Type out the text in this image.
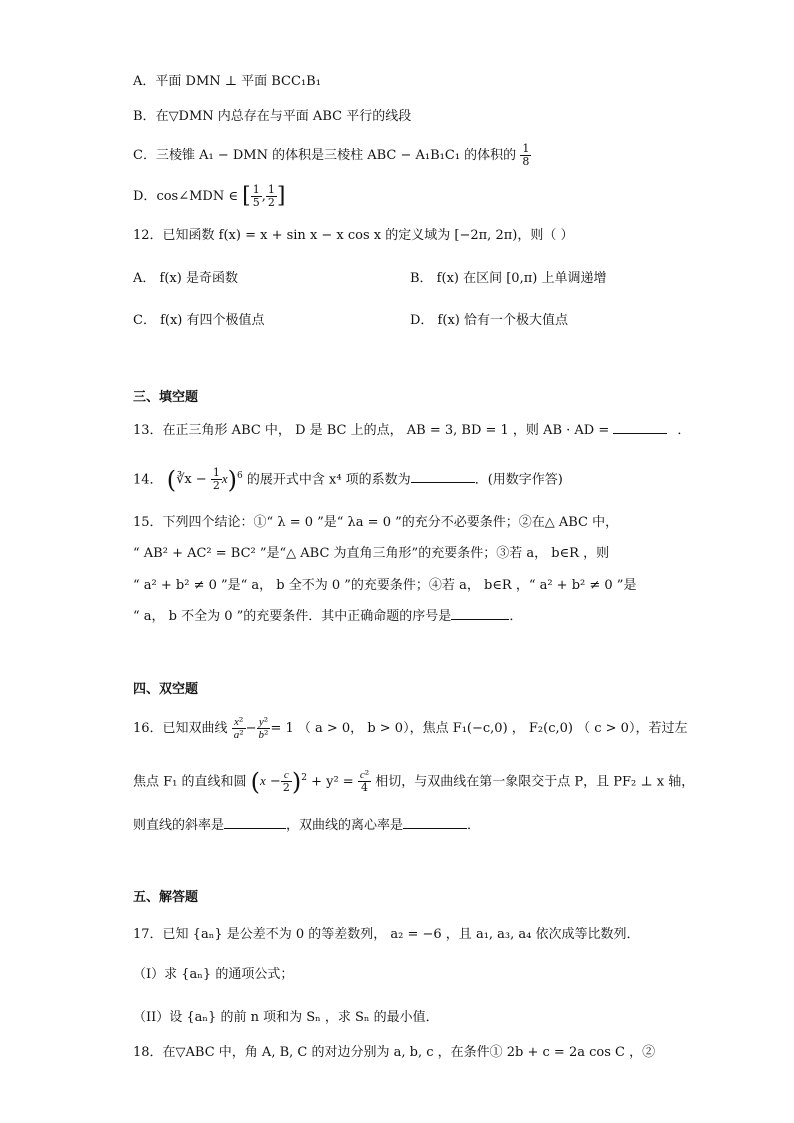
A．平面 DMN ⊥ 平面 BCC₁B₁
B．在▽DMN 内总存在与平面 ABC 平行的线段
C．三棱锥 A₁ − DMN 的体积是三棱柱 ABC − A₁B₁C₁ 的体积的 $\frac{1}{8}$
D．cos∠MDN ∈ [ $\frac{1}{5}$ , $\frac{1}{2}$ ]
12．已知函数 f(x) = x + sin x − x cos x 的定义域为 [−2π, 2π)，则（ ）
A． f(x) 是奇函数	B． f(x) 在区间 [0,π) 上单调递增
C． f(x) 有四个极值点	D． f(x) 恰有一个极大值点
三、填空题
13．在正三角形 ABC 中， D 是 BC 上的点， AB = 3, BD = 1 ，则 AB · AD =	．
14． (∛x − $\frac{1}{2} x)^6$ 的展开式中含 x⁴ 项的系数为	．(用数字作答)
15．下列四个结论：①“ λ = 0 ”是“ λa = 0 ”的充分不必要条件；②在△ ABC 中，
“ AB² + AC² = BC² ”是“△ ABC 为直角三角形”的充要条件；③若 a， b∈R ，则
“ a² + b² ≠ 0 ”是“ a， b 全不为 0 ”的充要条件；④若 a， b∈R ，“ a² + b² ≠ 0 ”是
“ a， b 不全为 0 ”的充要条件．其中正确命题的序号是	．
四、双空题
16．已知双曲线 $\frac{\text{x²}}{\text{a²}} - \frac{\text{y²}}{\text{b²}} = 1$ （ a > 0， b > 0），焦点 F₁(−c,0) ， F₂(c,0) （ c > 0），若过左
焦点 F₁ 的直线和圆 $(x - \frac{c}{2} )^2 + y^2 = \frac{\text{c²}}{4}$ 相切，与双曲线在第一象限交于点 P，且 PF₂ ⊥ x 轴，
则直线的斜率是	，双曲线的离心率是	．
五、解答题
17．已知 {aₙ} 是公差不为 0 的等差数列， a₂ = −6 ，且 a₁, a₃, a₄ 依次成等比数列．
（I）求 {aₙ} 的通项公式；
（II）设 {aₙ} 的前 n 项和为 Sₙ ，求 Sₙ 的最小值．
18．在▽ABC 中，角 A, B, C 的对边分别为 a, b, c ，在条件① 2b + c = 2a cos C ，②
